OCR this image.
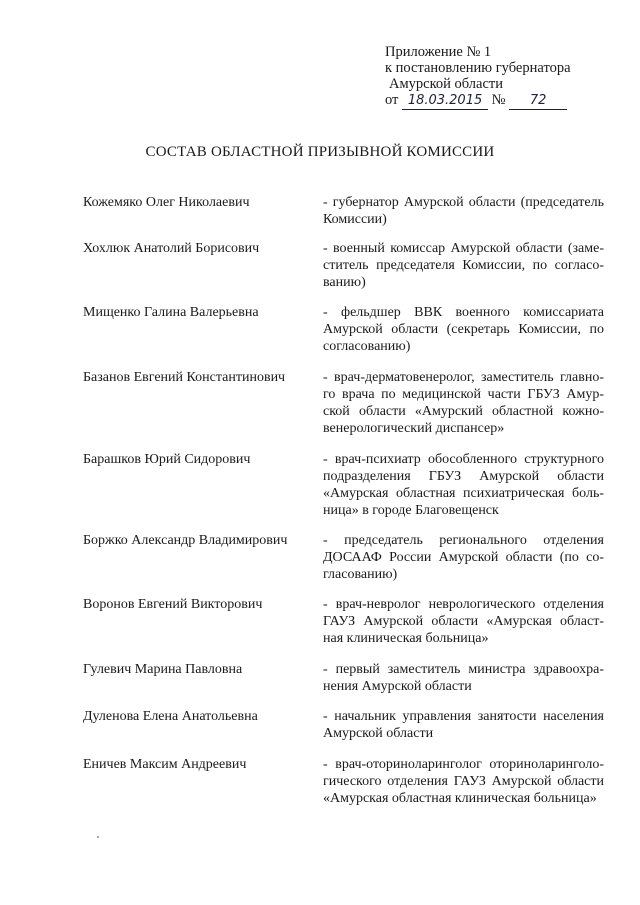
Приложение № 1
к постановлению губернатора
Амурской области
от 18.03.2015 № 72
СОСТАВ ОБЛАСТНОЙ ПРИЗЫВНОЙ КОМИССИИ
Кожемяко Олег Николаевич	- губернатор Амурской области (председатель
Комиссии)
Хохлюк Анатолий Борисович	- военный комиссар Амурской области (заме-
ститель председателя Комиссии, по согласо-
ванию)
Мищенко Галина Валерьевна	- фельдшер ВВК военного комиссариата
Амурской области (секретарь Комиссии, по
согласованию)
Базанов Евгений Константинович	- врач-дерматовенеролог, заместитель главно-
го врача по медицинской части ГБУЗ Амур-
ской области «Амурский областной кожно-
венерологический диспансер»
Барашков Юрий Сидорович	- врач-психиатр обособленного структурного
подразделения ГБУЗ Амурской области
«Амурская областная психиатрическая боль-
ница» в городе Благовещенск
Боржко Александр Владимирович	- председатель регионального отделения
ДОСААФ России Амурской области (по со-
гласованию)
Воронов Евгений Викторович	- врач-невролог неврологического отделения
ГАУЗ Амурской области «Амурская област-
ная клиническая больница»
Гулевич Марина Павловна	- первый заместитель министра здравоохра-
нения Амурской области
Дуленова Елена Анатольевна	- начальник управления занятости населения
Амурской области
Еничев Максим Андреевич	- врач-оториноларинголог оториноларинголо-
гического отделения ГАУЗ Амурской области
«Амурская областная клиническая больница»
